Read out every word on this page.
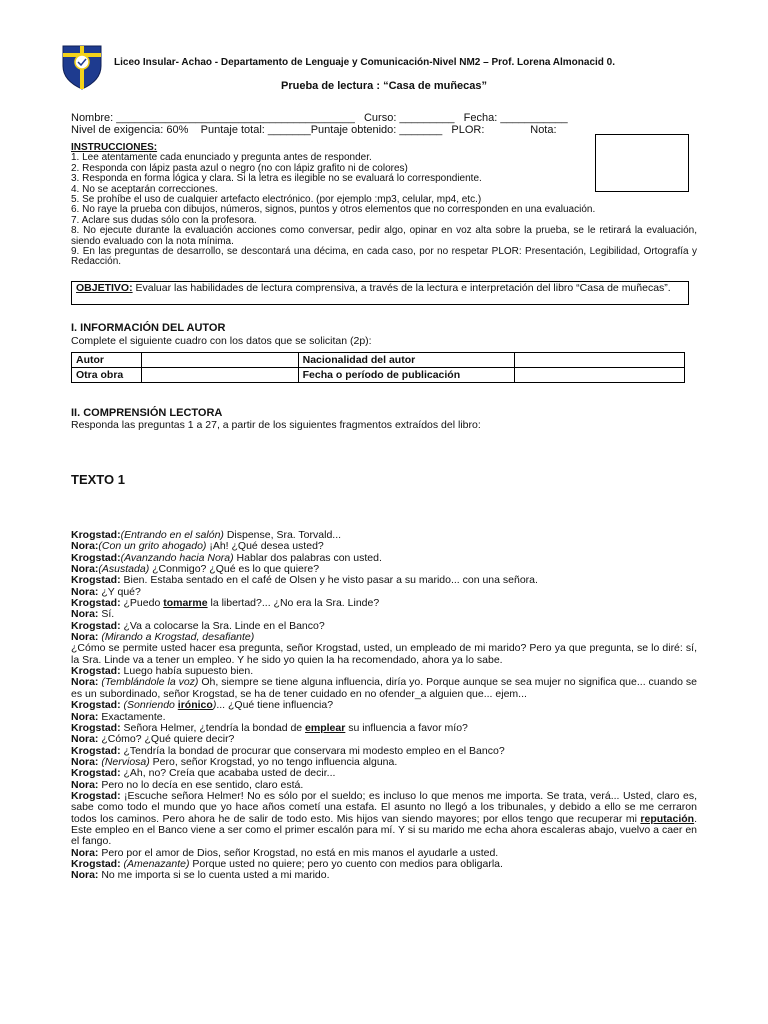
Liceo Insular- Achao - Departamento de Lenguaje y Comunicación-Nivel NM2 – Prof. Lorena Almonacid 0.
Prueba de lectura : “Casa de muñecas”
Nombre: _______________________________________   Curso: _________   Fecha: ___________
Nivel de exigencia: 60%    Puntaje total: _______Puntaje obtenido: _______   PLOR:               Nota:
INSTRUCCIONES:
1. Lee atentamente cada enunciado y pregunta antes de responder.
2. Responda con lápiz pasta azul o negro (no con lápiz grafito ni de colores)
3. Responda en forma lógica y clara. Si la letra es ilegible no se evaluará lo correspondiente.
4. No se aceptarán correcciones.
5. Se prohíbe el uso de cualquier artefacto electrónico. (por ejemplo :mp3, celular, mp4, etc.)
6. No raye la prueba con dibujos, números, signos, puntos y otros elementos que no corresponden en una evaluación.
7. Aclare sus dudas sólo con la profesora.
8. No ejecute durante la evaluación acciones como conversar, pedir algo, opinar en voz alta sobre la prueba, se le retirará la evaluación, siendo evaluado con la nota mínima.
9. En las preguntas de desarrollo, se descontará una décima, en cada caso, por no respetar PLOR: Presentación, Legibilidad, Ortografía y Redacción.
OBJETIVO: Evaluar las habilidades de lectura comprensiva, a través de la lectura e interpretación del libro “Casa de muñecas”.
I. INFORMACIÓN DEL AUTOR
Complete el siguiente cuadro con los datos que se solicitan (2p):
Autor		Nacionalidad del autor	
Otra obra		Fecha o período de publicación	
II. COMPRENSIÓN LECTORA
Responda las preguntas 1 a 27, a partir de los siguientes fragmentos extraídos del libro:
TEXTO 1
Krogstad:(Entrando en el salón) Dispense, Sra. Torvald...
Nora:(Con un grito ahogado) ¡Ah! ¿Qué desea usted?
Krogstad:(Avanzando hacia Nora) Hablar dos palabras con usted.
Nora:(Asustada) ¿Conmigo? ¿Qué es lo que quiere?
Krogstad: Bien. Estaba sentado en el café de Olsen y he visto pasar a su marido... con una señora.
Nora: ¿Y qué?
Krogstad: ¿Puedo tomarme la libertad?... ¿No era la Sra. Linde?
Nora: Sí.
Krogstad: ¿Va a colocarse la Sra. Linde en el Banco?
Nora: (Mirando a Krogstad, desafiante)
¿Cómo se permite usted hacer esa pregunta, señor Krogstad, usted, un empleado de mi marido? Pero ya que pregunta, se lo diré: sí, la Sra. Linde va a tener un empleo. Y he sido yo quien la ha recomendado, ahora ya lo sabe.
Krogstad: Luego había supuesto bien.
Nora: (Temblándole la voz) Oh, siempre se tiene alguna influencia, diría yo. Porque aunque se sea mujer no significa que... cuando se es un subordinado, señor Krogstad, se ha de tener cuidado en no ofender_a alguien que... ejem...
Krogstad: (Sonriendo irónico)... ¿Qué tiene influencia?
Nora: Exactamente.
Krogstad: Señora Helmer, ¿tendría la bondad de emplear su influencia a favor mío?
Nora: ¿Cómo? ¿Qué quiere decir?
Krogstad: ¿Tendría la bondad de procurar que conservara mi modesto empleo en el Banco?
Nora: (Nerviosa) Pero, señor Krogstad, yo no tengo influencia alguna.
Krogstad: ¿Ah, no? Creía que acababa usted de decir...
Nora: Pero no lo decía en ese sentido, claro está.
Krogstad: ¡Escuche señora Helmer! No es sólo por el sueldo; es incluso lo que menos me importa. Se trata, verá... Usted, claro es, sabe como todo el mundo que yo hace años cometí una estafa. El asunto no llegó a los tribunales, y debido a ello se me cerraron todos los caminos. Pero ahora he de salir de todo esto. Mis hijos van siendo mayores; por ellos tengo que recuperar mi reputación. Este empleo en el Banco viene a ser como el primer escalón para mí. Y si su marido me echa ahora escaleras abajo, vuelvo a caer en el fango.
Nora: Pero por el amor de Dios, señor Krogstad, no está en mis manos el ayudarle a usted.
Krogstad: (Amenazante) Porque usted no quiere; pero yo cuento con medios para obligarla.
Nora: No me importa si se lo cuenta usted a mi marido.
